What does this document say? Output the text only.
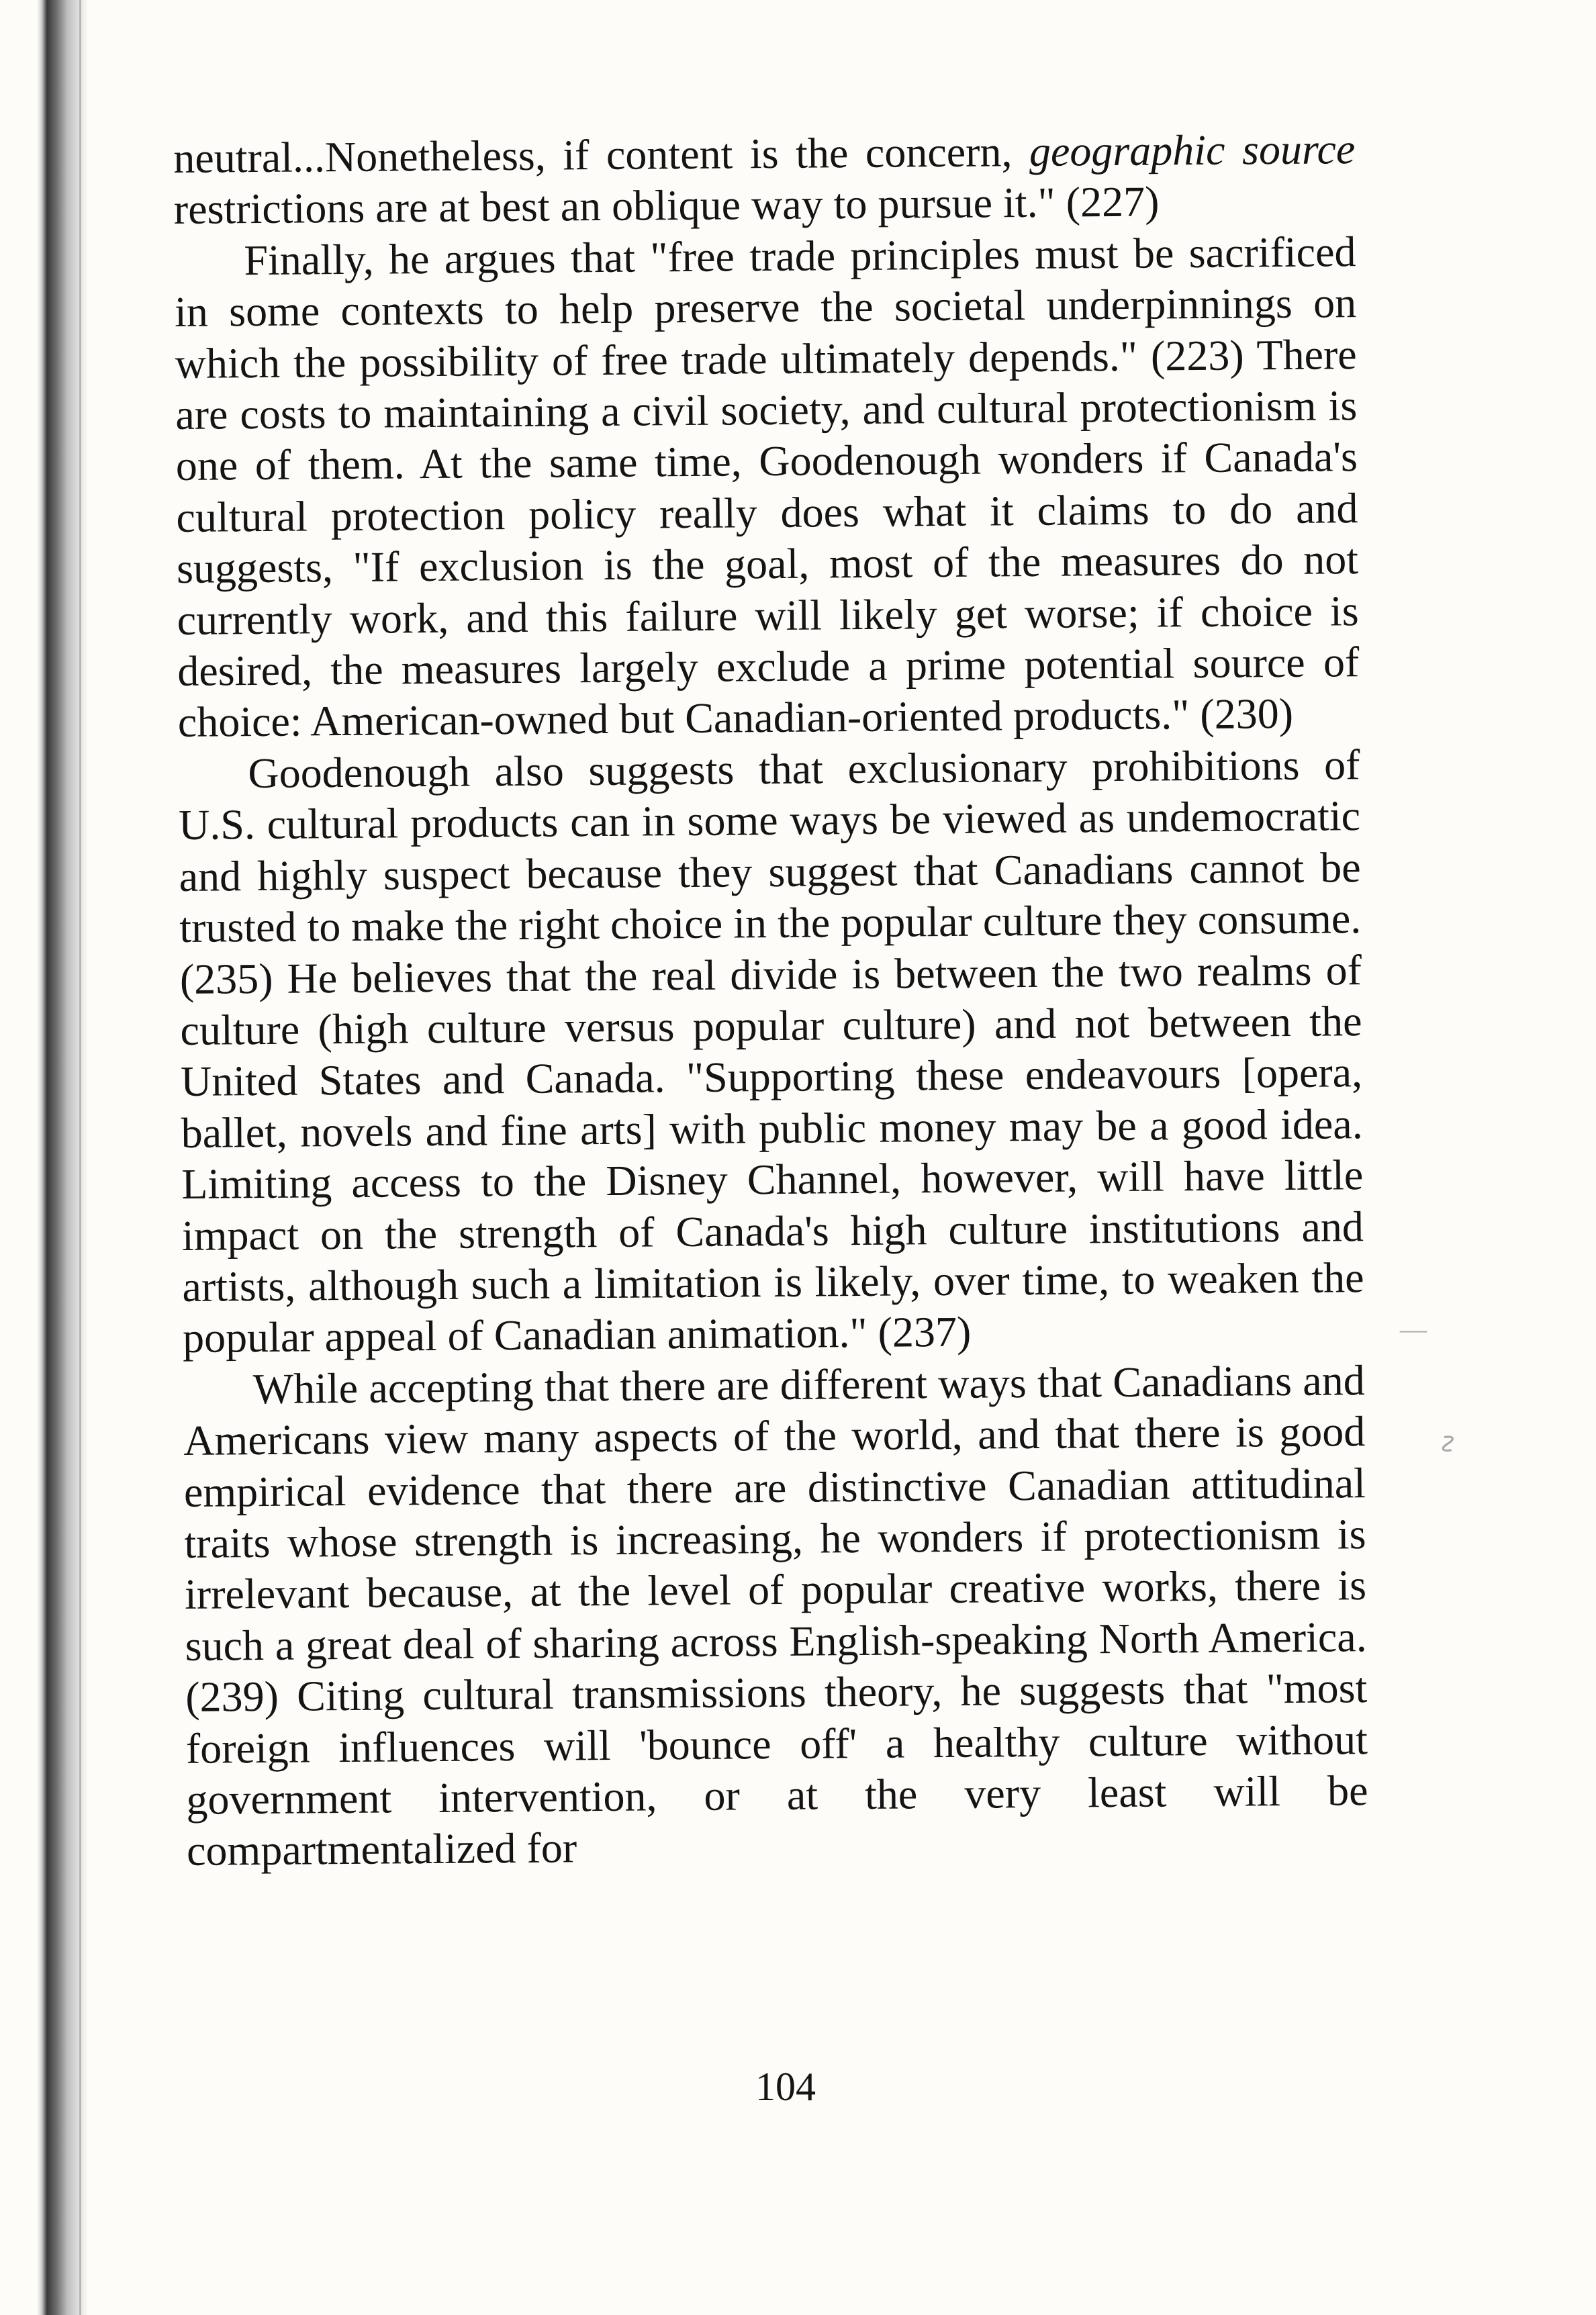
neutral...Nonetheless, if content is the concern, geographic source restrictions are at best an oblique way to pursue it." (227)

Finally, he argues that "free trade principles must be sacrificed in some contexts to help preserve the societal underpinnings on which the possibility of free trade ultimately depends." (223) There are costs to maintaining a civil society, and cultural protectionism is one of them. At the same time, Goodenough wonders if Canada's cultural protection policy really does what it claims to do and suggests, "If exclusion is the goal, most of the measures do not currently work, and this failure will likely get worse; if choice is desired, the measures largely exclude a prime potential source of choice: American-owned but Canadian-oriented products." (230)

Goodenough also suggests that exclusionary prohibitions of U.S. cultural products can in some ways be viewed as undemocratic and highly suspect because they suggest that Canadians cannot be trusted to make the right choice in the popular culture they consume. (235) He believes that the real divide is between the two realms of culture (high culture versus popular culture) and not between the United States and Canada. "Supporting these endeavours [opera, ballet, novels and fine arts] with public money may be a good idea. Limiting access to the Disney Channel, however, will have little impact on the strength of Canada's high culture institutions and artists, although such a limitation is likely, over time, to weaken the popular appeal of Canadian animation." (237)

While accepting that there are different ways that Canadians and Americans view many aspects of the world, and that there is good empirical evidence that there are distinctive Canadian attitudinal traits whose strength is increasing, he wonders if protectionism is irrelevant because, at the level of popular creative works, there is such a great deal of sharing across English-speaking North America. (239) Citing cultural transmissions theory, he suggests that "most foreign influences will 'bounce off' a healthy culture without government intervention, or at the very least will be compartmentalized for

104
—
∿
